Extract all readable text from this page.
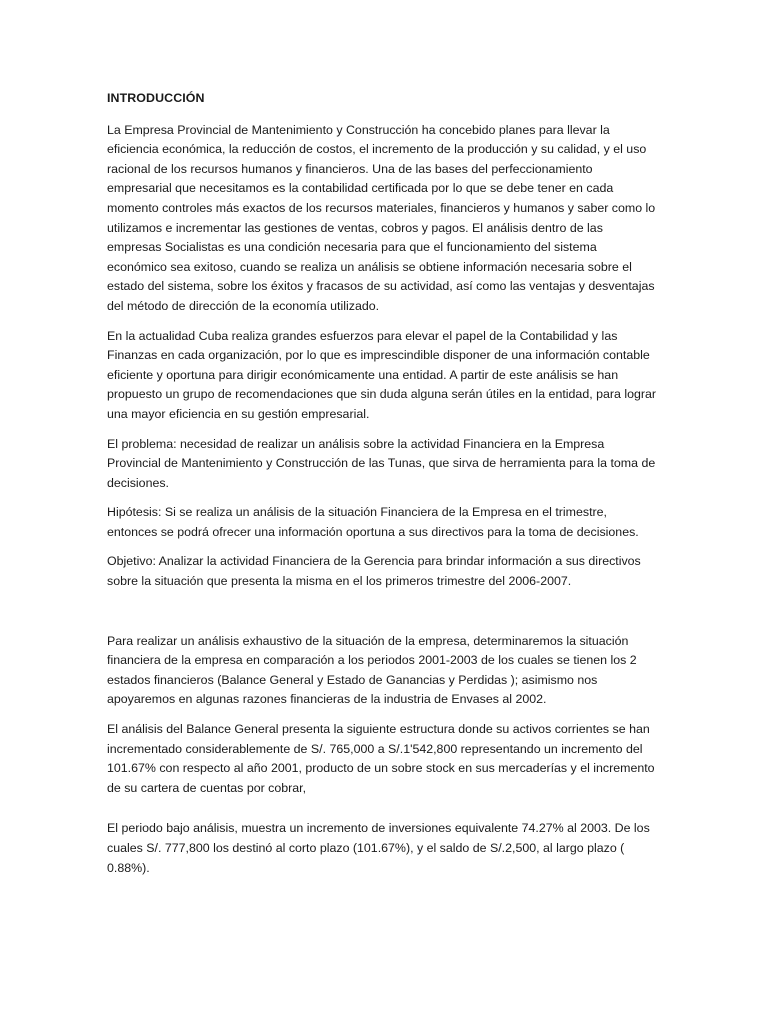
INTRODUCCIÓN

La Empresa Provincial de Mantenimiento y Construcción ha concebido planes para llevar la eficiencia económica, la reducción de costos, el incremento de la producción y su calidad, y el uso racional de los recursos humanos y financieros. Una de las bases del perfeccionamiento empresarial que necesitamos es la contabilidad certificada por lo que se debe tener en cada momento controles más exactos de los recursos materiales, financieros y humanos y saber como lo utilizamos e incrementar las gestiones de ventas, cobros y pagos. El análisis dentro de las empresas Socialistas es una condición necesaria para que el funcionamiento del sistema económico sea exitoso, cuando se realiza un análisis se obtiene información necesaria sobre el estado del sistema, sobre los éxitos y fracasos de su actividad, así como las ventajas y desventajas del método de dirección de la economía utilizado.

En la actualidad Cuba realiza grandes esfuerzos para elevar el papel de la Contabilidad y las Finanzas en cada organización, por lo que es imprescindible disponer de una información contable eficiente y oportuna para dirigir económicamente una entidad. A partir de este análisis se han propuesto un grupo de recomendaciones que sin duda alguna serán útiles en la entidad, para lograr una mayor eficiencia en su gestión empresarial.

El problema: necesidad de realizar un análisis sobre la actividad Financiera en la Empresa Provincial de Mantenimiento y Construcción de las Tunas, que sirva de herramienta para la toma de decisiones.

Hipótesis: Si se realiza un análisis de la situación Financiera de la Empresa en el trimestre, entonces se podrá ofrecer una información oportuna a sus directivos para la toma de decisiones.

Objetivo: Analizar la actividad Financiera de la Gerencia para brindar información a sus directivos sobre la situación que presenta la misma en el los primeros trimestre del 2006-2007.

Para realizar un análisis exhaustivo de la situación de la empresa, determinaremos la situación financiera de la empresa en comparación a los periodos 2001-2003 de los cuales se tienen los 2 estados financieros (Balance General y Estado de Ganancias y Perdidas ); asimismo nos apoyaremos en algunas razones financieras de la industria de Envases al 2002.

El análisis del Balance General presenta la siguiente estructura donde su activos corrientes se han incrementado considerablemente de S/. 765,000 a S/.1'542,800 representando un incremento del 101.67% con respecto al año 2001, producto de un sobre stock en sus mercaderías y el incremento de su cartera de cuentas por cobrar,

El periodo bajo análisis, muestra un incremento de inversiones equivalente 74.27% al 2003. De los cuales S/. 777,800 los destinó al corto plazo (101.67%), y el saldo de S/.2,500, al largo plazo ( 0.88%).
